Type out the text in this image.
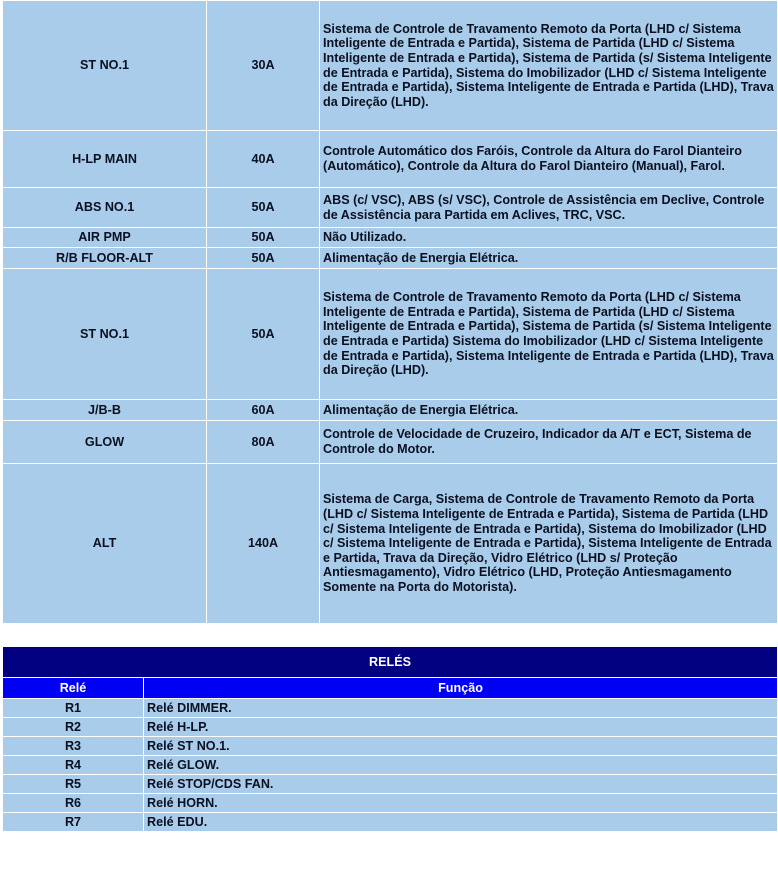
ST NO.1	30A	Sistema de Controle de Travamento Remoto da Porta (LHD c/ Sistema Inteligente de Entrada e Partida), Sistema de Partida (LHD c/ Sistema Inteligente de Entrada e Partida), Sistema de Partida (s/ Sistema Inteligente de Entrada e Partida), Sistema do Imobilizador (LHD c/ Sistema Inteligente de Entrada e Partida), Sistema Inteligente de Entrada e Partida (LHD), Trava da Direção (LHD).
H-LP MAIN	40A	Controle Automático dos Faróis, Controle da Altura do Farol Dianteiro (Automático), Controle da Altura do Farol Dianteiro (Manual), Farol.
ABS NO.1	50A	ABS (c/ VSC), ABS (s/ VSC), Controle de Assistência em Declive, Controle de Assistência para Partida em Aclives, TRC, VSC.
AIR PMP	50A	Não Utilizado.
R/B FLOOR-ALT	50A	Alimentação de Energia Elétrica.
ST NO.1	50A	Sistema de Controle de Travamento Remoto da Porta (LHD c/ Sistema Inteligente de Entrada e Partida), Sistema de Partida (LHD c/ Sistema Inteligente de Entrada e Partida), Sistema de Partida (s/ Sistema Inteligente de Entrada e Partida) Sistema do Imobilizador (LHD c/ Sistema Inteligente de Entrada e Partida), Sistema Inteligente de Entrada e Partida (LHD), Trava da Direção (LHD).
J/B-B	60A	Alimentação de Energia Elétrica.
GLOW	80A	Controle de Velocidade de Cruzeiro, Indicador da A/T e ECT, Sistema de Controle do Motor.
ALT	140A	Sistema de Carga, Sistema de Controle de Travamento Remoto da Porta (LHD c/ Sistema Inteligente de Entrada e Partida), Sistema de Partida (LHD c/ Sistema Inteligente de Entrada e Partida), Sistema do Imobilizador (LHD c/ Sistema Inteligente de Entrada e Partida), Sistema Inteligente de Entrada e Partida, Trava da Direção, Vidro Elétrico (LHD s/ Proteção Antiesmagamento), Vidro Elétrico (LHD, Proteção Antiesmagamento Somente na Porta do Motorista).
RELÉS	
Relé	Função
R1	Relé DIMMER.
R2	Relé H-LP.
R3	Relé ST NO.1.
R4	Relé GLOW.
R5	Relé STOP/CDS FAN.
R6	Relé HORN.
R7	Relé EDU.
